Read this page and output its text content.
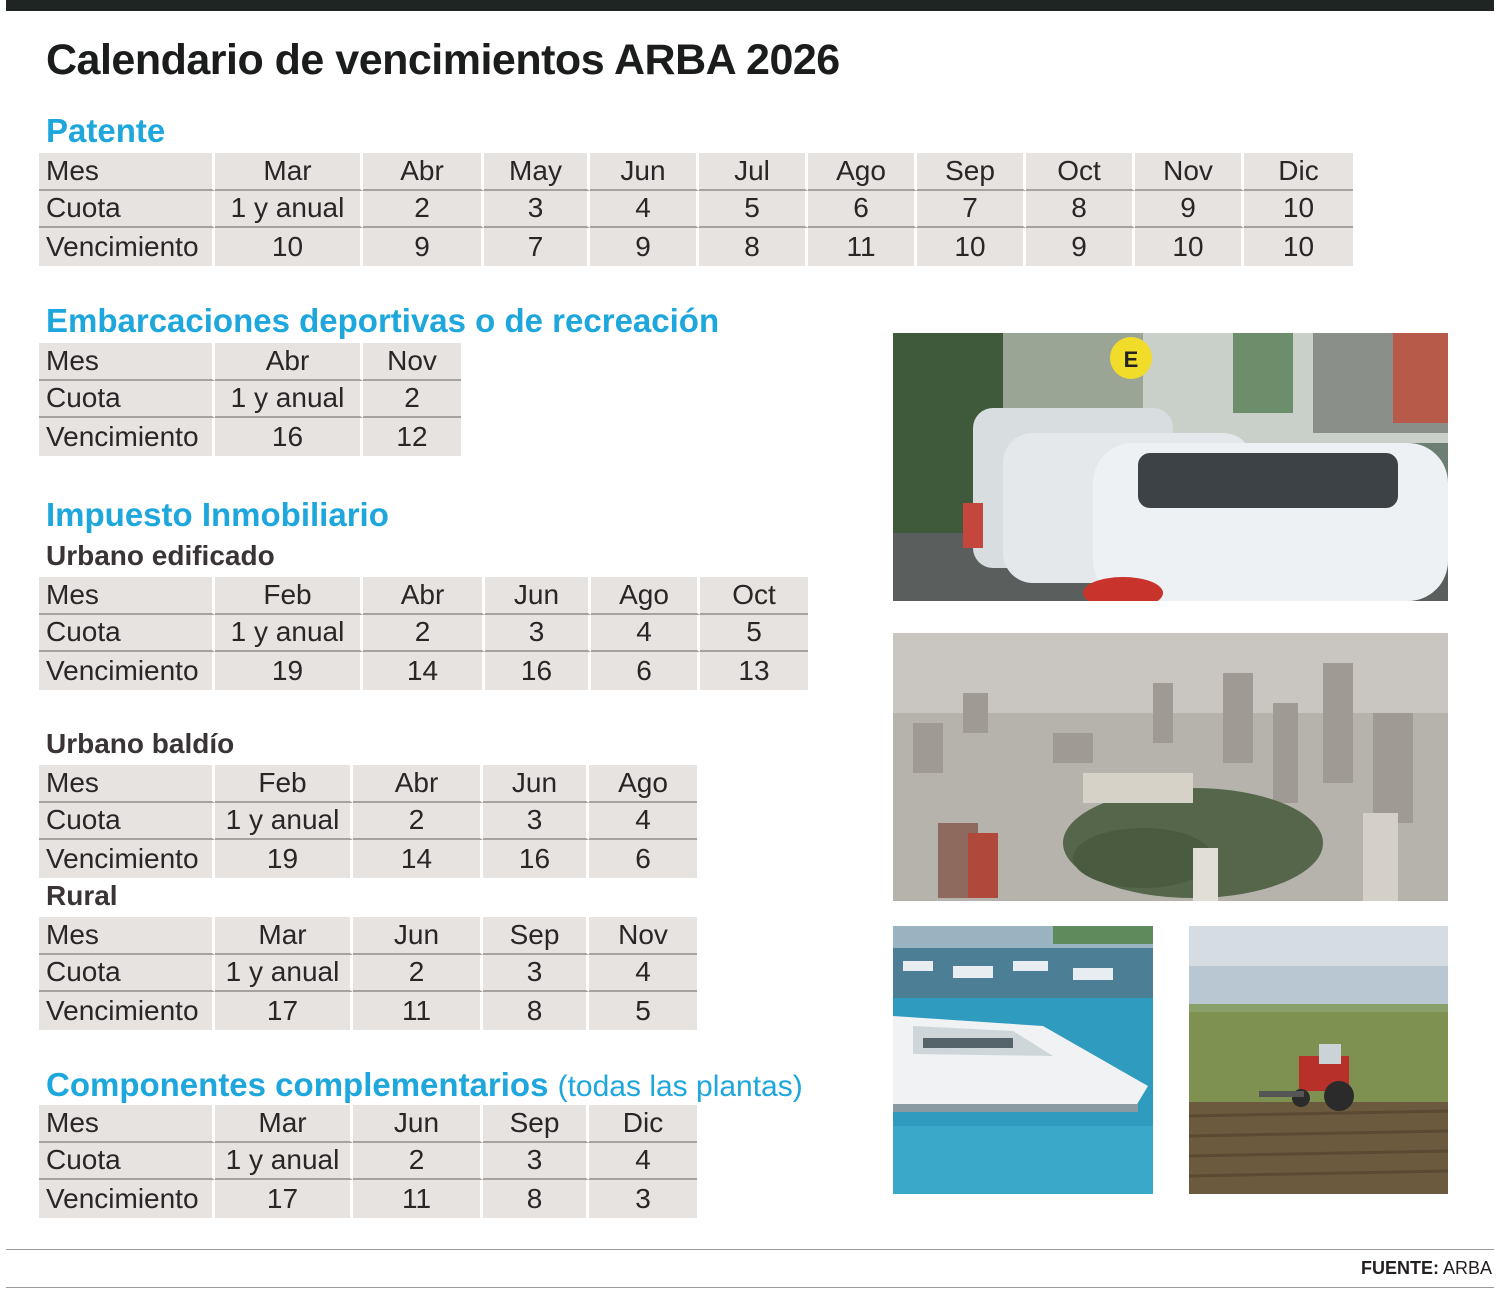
Calendario de vencimientos ARBA 2026
Patente
Mes	Mar	Abr	May	Jun	Jul	Ago	Sep	Oct	Nov	Dic
Cuota	1 y anual	2	3	4	5	6	7	8	9	10
Vencimiento	10	9	7	9	8	11	10	9	10	10
Embarcaciones deportivas o de recreación
Mes	Abr	Nov
Cuota	1 y anual	2
Vencimiento	16	12
Impuesto Inmobiliario
Urbano edificado
Mes	Feb	Abr	Jun	Ago	Oct
Cuota	1 y anual	2	3	4	5
Vencimiento	19	14	16	6	13
Urbano baldío
Mes	Feb	Abr	Jun	Ago
Cuota	1 y anual	2	3	4
Vencimiento	19	14	16	6
Rural
Mes	Mar	Jun	Sep	Nov
Cuota	1 y anual	2	3	4
Vencimiento	17	11	8	5
Componentes complementarios (todas las plantas)
Mes	Mar	Jun	Sep	Dic
Cuota	1 y anual	2	3	4
Vencimiento	17	11	8	3
E
FUENTE: ARBA
